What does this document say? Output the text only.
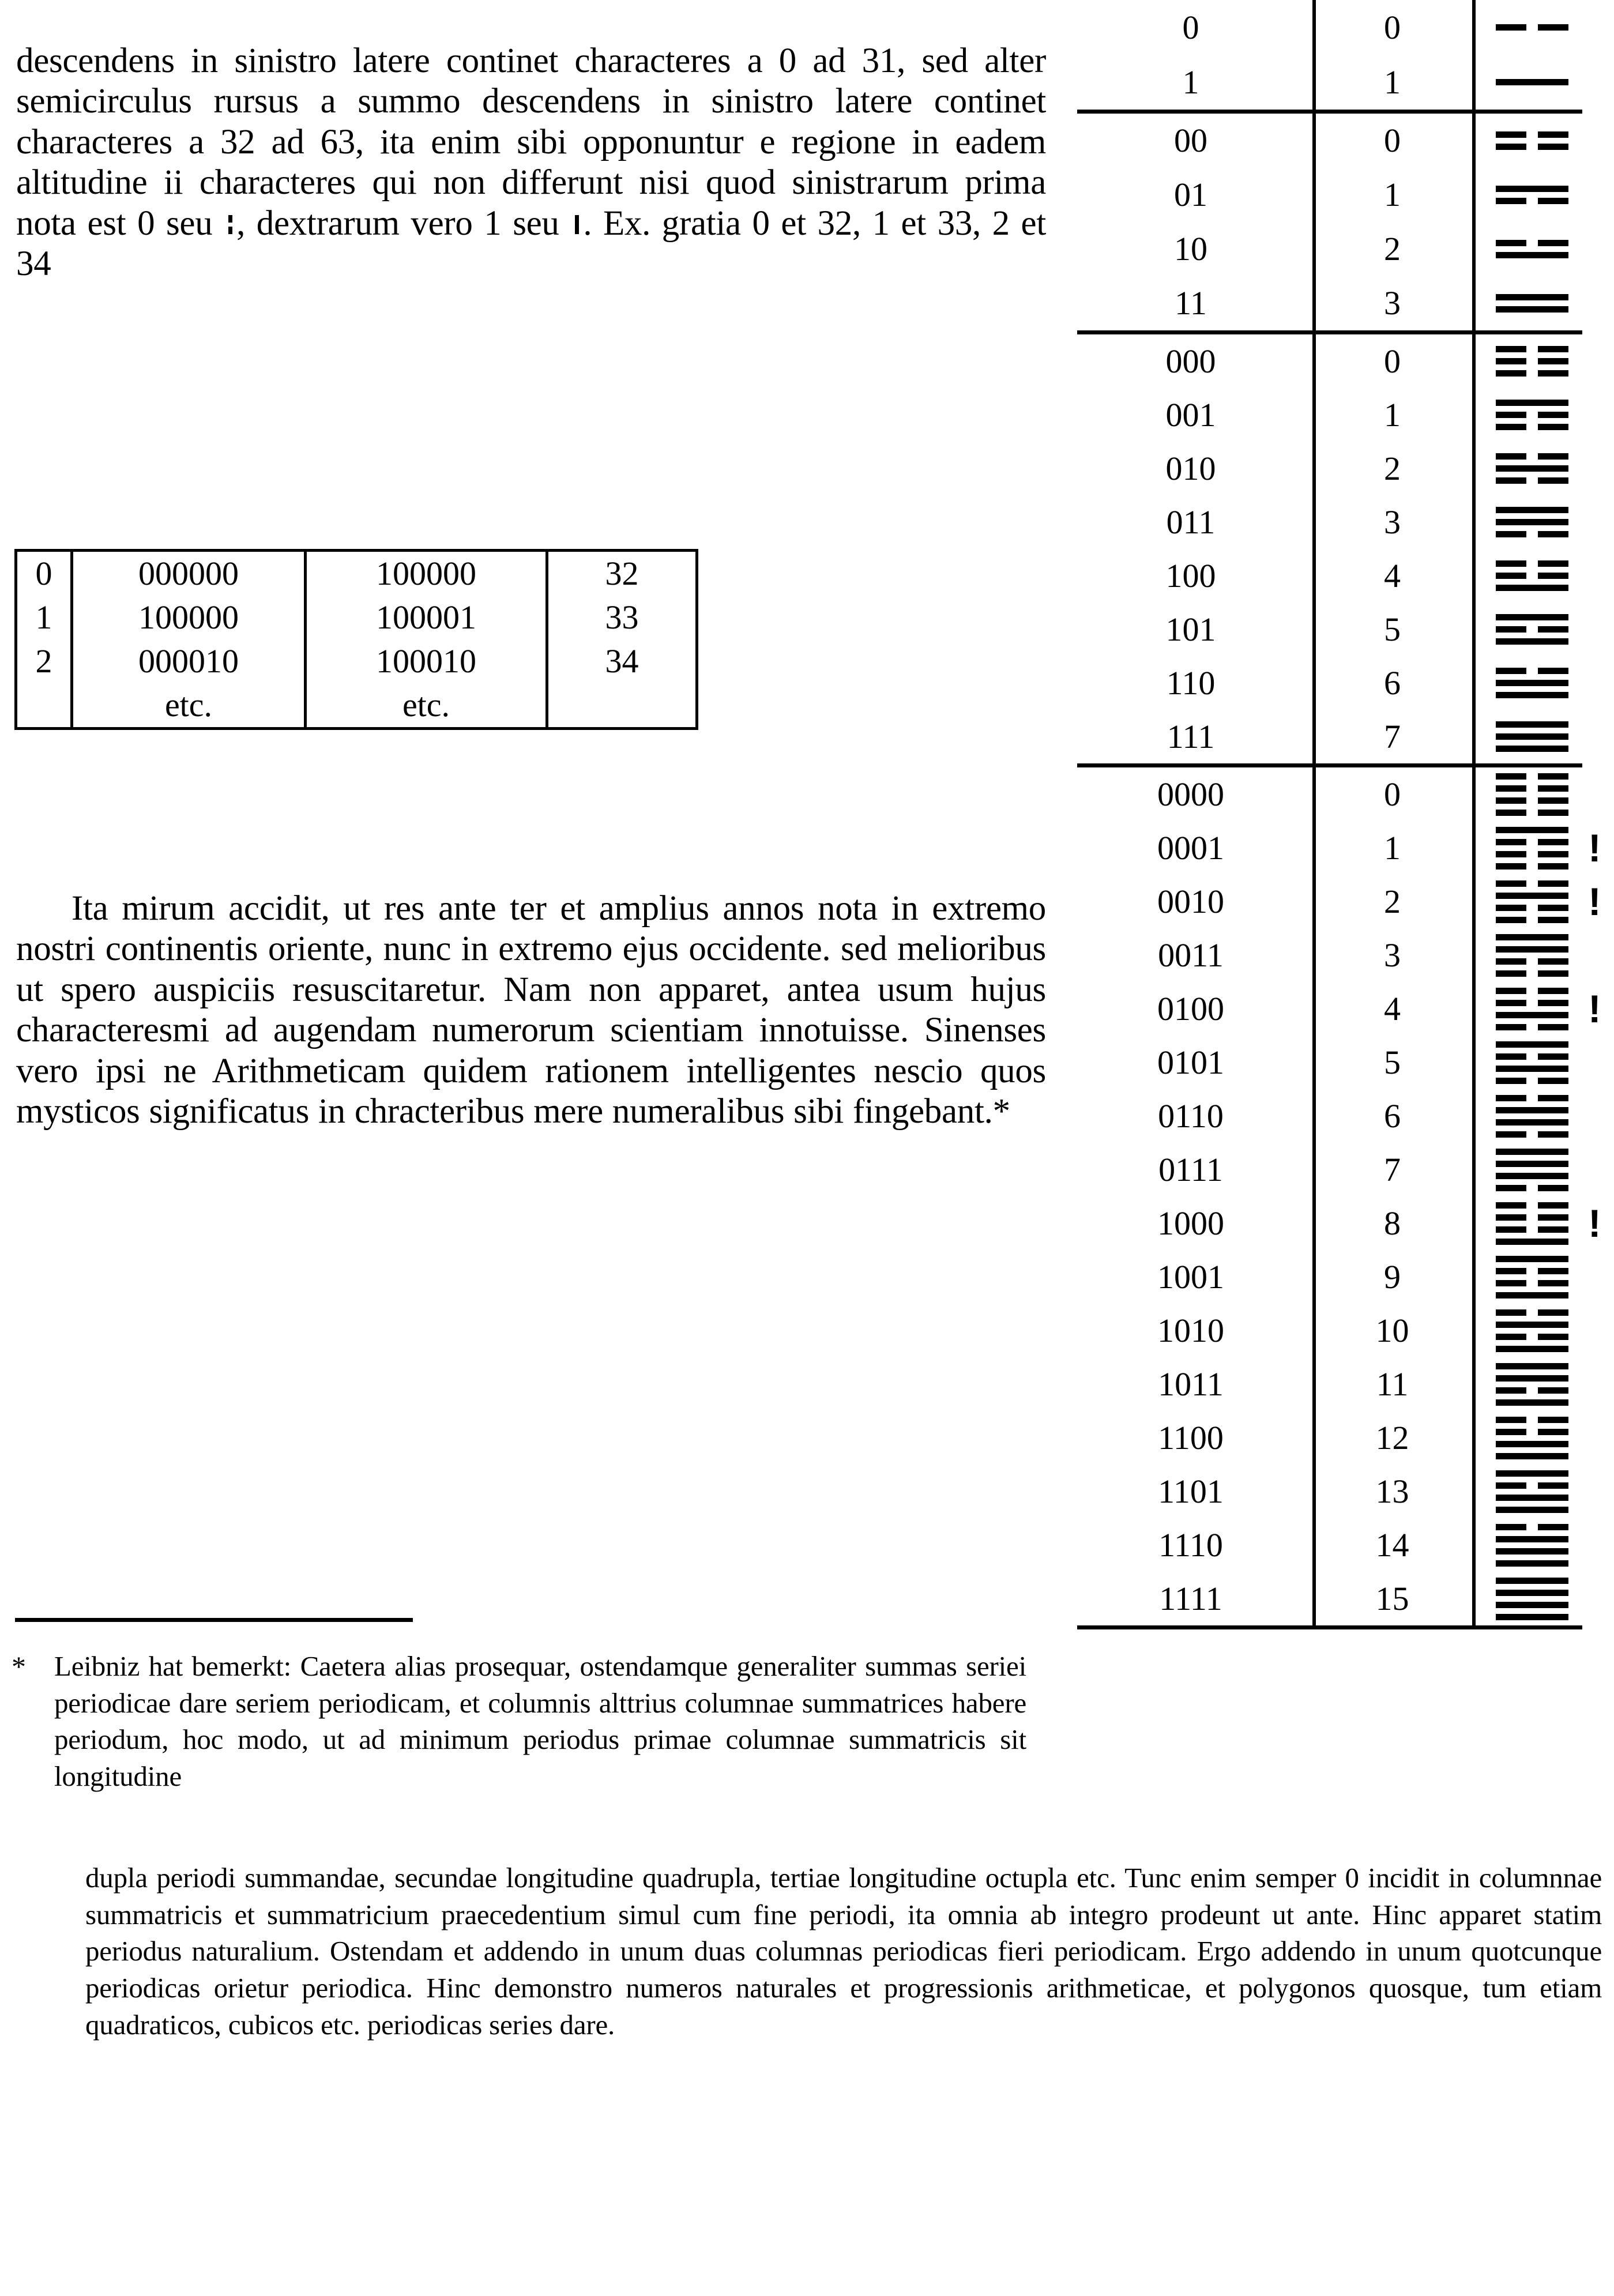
descendens in sinistro latere continet characteres a 0 ad 31, sed alter semicirculus rursus a summo descendens in sinistro latere continet characteres a 32 ad 63, ita enim sibi opponuntur e regione in eadem altitudine ii characteres qui non differunt nisi quod sinistrarum prima nota est 0 seu , dextrarum vero 1 seu . Ex. gratia 0 et 32, 1 et 33, 2 et 34

Ita mirum accidit, ut res ante ter et amplius annos nota in extremo nostri continentis oriente, nunc in extremo ejus occidente. sed melioribus ut spero auspiciis resuscitaretur. Nam non apparet, antea usum hujus characteresmi ad augendam numerorum scientiam innotuisse. Sinenses vero ipsi ne Arithmeticam quidem rationem intelligentes nescio quos mysticos significatus in chracteribus mere numeralibus sibi fingebant.*

0	000000	100000	32
1	100000	100001	33
2	000010	100010	34
	etc.	etc.	
*	Leibniz hat bemerkt: Caetera alias prosequar, ostendamque generaliter summas seriei periodicae dare seriem periodicam, et columnis alttrius columnae summatrices habere periodum, hoc modo, ut ad minimum periodus primae columnae summatricis sit longitudine
dupla periodi summandae, secundae longitudine quadrupla, tertiae longitudine octupla etc. Tunc enim semper 0 incidit in columnnae summatricis et summatricium praecedentium simul cum fine periodi, ita omnia ab integro prodeunt ut ante. Hinc apparet statim periodus naturalium. Ostendam et addendo in unum duas columnas periodicas fieri periodicam. Ergo addendo in unum quotcunque periodicas orietur periodica. Hinc demonstro numeros naturales et progressionis arithmeticae, et polygonos quosque, tum etiam quadraticos, cubicos etc. periodicas series dare.
0	0
1	1
00	0
01	1
10	2
11	3
000	0
001	1
010	2
011	3
100	4
101	5
110	6
111	7
0000	0
0001	1	!
0010	2	!
0011	3
0100	4	!
0101	5
0110	6
0111	7
1000	8	!
1001	9
1010	10
1011	11
1100	12
1101	13
1110	14
1111	15
